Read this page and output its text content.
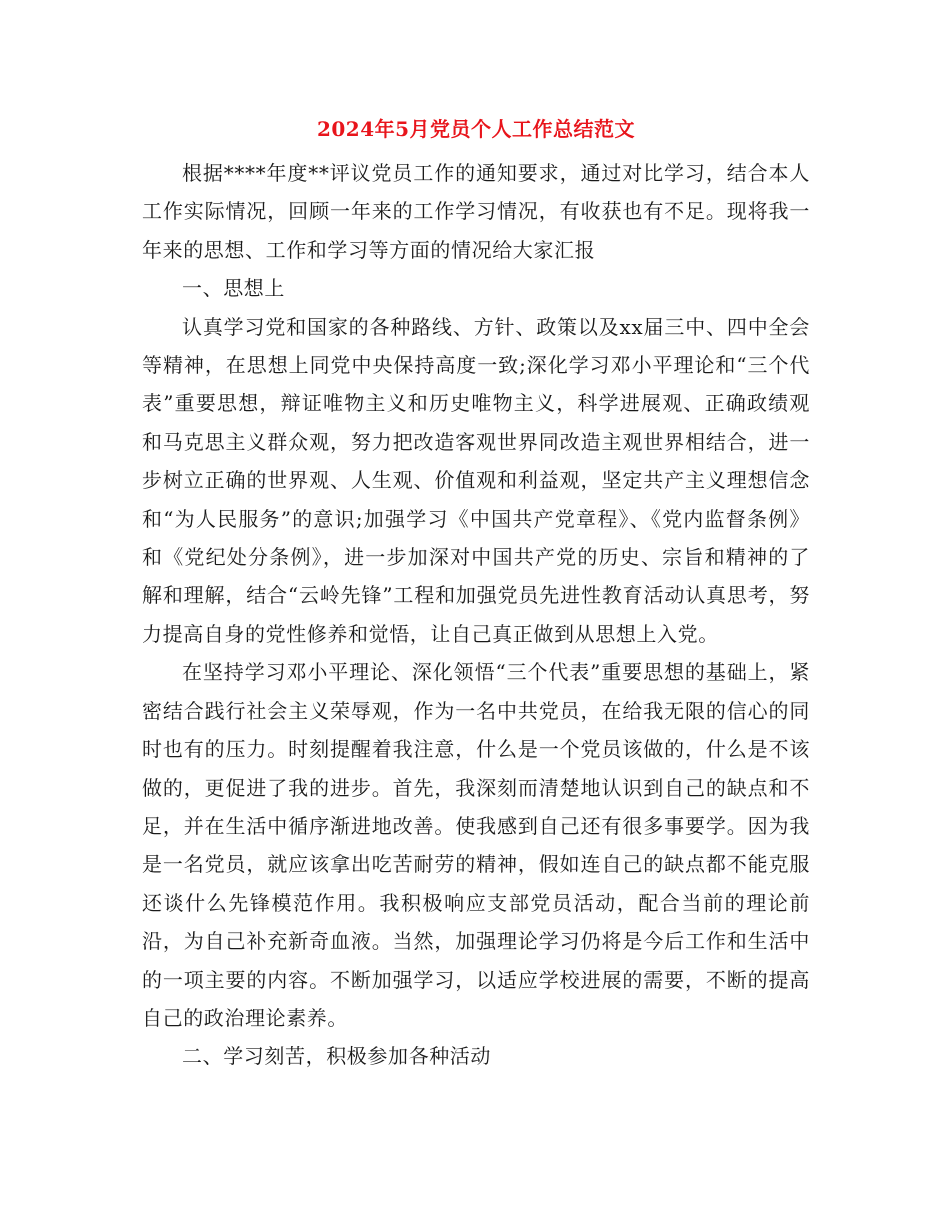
2024年5月党员个人工作总结范文

根据****年度**评议党员工作的通知要求，通过对比学习，结合本人工作实际情况，回顾一年来的工作学习情况，有收获也有不足。现将我一年来的思想、工作和学习等方面的情况给大家汇报

一、思想上

认真学习党和国家的各种路线、方针、政策以及xx届三中、四中全会等精神，在思想上同党中央保持高度一致;深化学习邓小平理论和“三个代表”重要思想，辩证唯物主义和历史唯物主义，科学进展观、正确政绩观和马克思主义群众观，努力把改造客观世界同改造主观世界相结合，进一步树立正确的世界观、人生观、价值观和利益观，坚定共产主义理想信念和“为人民服务”的意识;加强学习《中国共产党章程》、《党内监督条例》和《党纪处分条例》，进一步加深对中国共产党的历史、宗旨和精神的了解和理解，结合“云岭先锋”工程和加强党员先进性教育活动认真思考，努力提高自身的党性修养和觉悟，让自己真正做到从思想上入党。

在坚持学习邓小平理论、深化领悟“三个代表”重要思想的基础上，紧密结合践行社会主义荣辱观，作为一名中共党员，在给我无限的信心的同时也有的压力。时刻提醒着我注意，什么是一个党员该做的，什么是不该做的，更促进了我的进步。首先，我深刻而清楚地认识到自己的缺点和不足，并在生活中循序渐进地改善。使我感到自己还有很多事要学。因为我是一名党员，就应该拿出吃苦耐劳的精神，假如连自己的缺点都不能克服还谈什么先锋模范作用。我积极响应支部党员活动，配合当前的理论前沿，为自己补充新奇血液。当然，加强理论学习仍将是今后工作和生活中的一项主要的内容。不断加强学习，以适应学校进展的需要，不断的提高自己的政治理论素养。

二、学习刻苦，积极参加各种活动
